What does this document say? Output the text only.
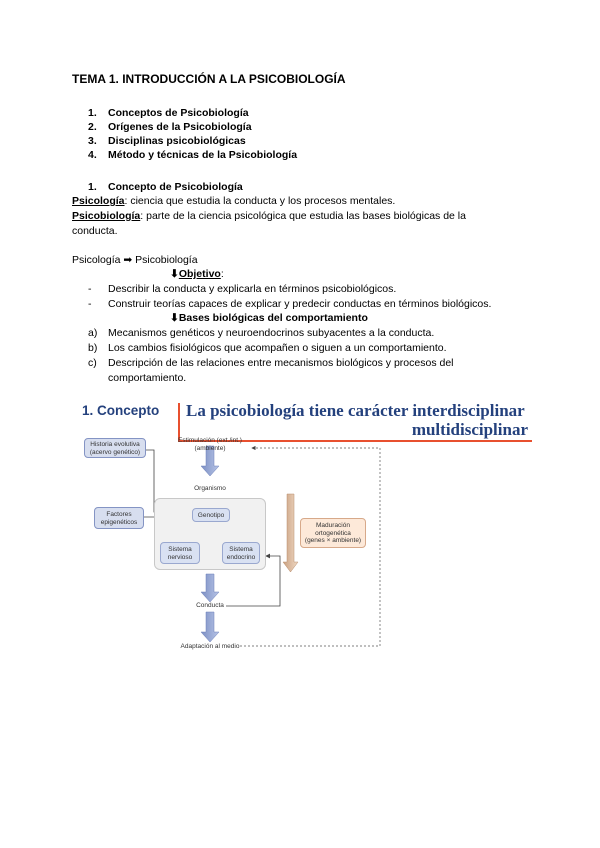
TEMA 1. INTRODUCCIÓN A LA PSICOBIOLOGÍA
1. Conceptos de Psicobiología
2. Orígenes de la Psicobiología
3. Disciplinas psicobiológicas
4. Método y técnicas de la Psicobiología
1. Concepto de Psicobiología
Psicología: ciencia que estudia la conducta y los procesos mentales.
Psicobiología: parte de la ciencia psicológica que estudia las bases biológicas de la
conducta.
Psicología ➡ Psicobiología
⬇Objetivo:
- Describir la conducta y explicarla en términos psicobiológicos.
- Construir teorías capaces de explicar y predecir conductas en términos biológicos.
⬇Bases biológicas del comportamiento
a) Mecanismos genéticos y neuroendocrinos subyacentes a la conducta.
b) Los cambios fisiológicos que acompañen o siguen a un comportamiento.
c) Descripción de las relaciones entre mecanismos biológicos y procesos del
comportamiento.
1. Concepto La psicobiología tiene carácter interdisciplinar
multidisciplinar
Historia evolutiva
(acervo genético)
Estimulación (ext./int.)
(ambiente)
Organismo
Genotipo
Factores
epigenéticos
Sistema
nervioso
Sistema
endocrino
Maduración
ortogenética
(genes × ambiente)
Conducta
Adaptación al medio
